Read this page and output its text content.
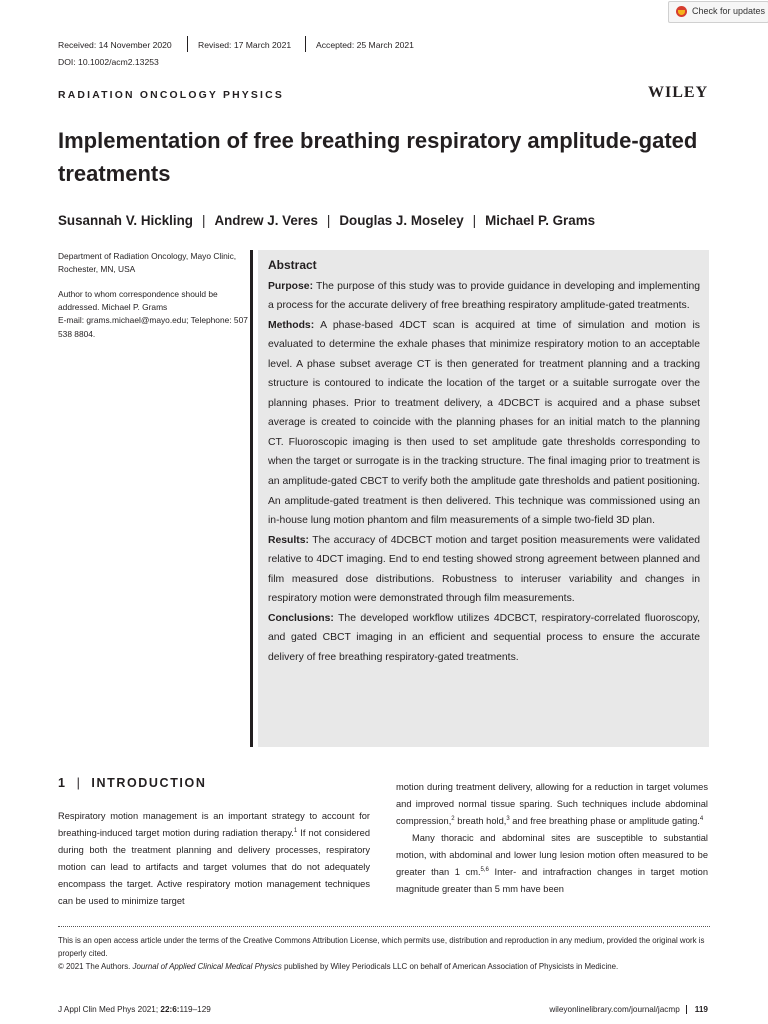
Check for updates
Received: 14 November 2020	Revised: 17 March 2021	Accepted: 25 March 2021
DOI: 10.1002/acm2.13253
RADIATION ONCOLOGY PHYSICS	WILEY
Implementation of free breathing respiratory amplitude-gated treatments
Susannah V. Hickling | Andrew J. Veres | Douglas J. Moseley | Michael P. Grams
Department of Radiation Oncology, Mayo Clinic, Rochester, MN, USA
Author to whom correspondence should be addressed. Michael P. Grams
E-mail: grams.michael@mayo.edu; Telephone: 507 538 8804.
Abstract

Purpose: The purpose of this study was to provide guidance in developing and implementing a process for the accurate delivery of free breathing respiratory amplitude-gated treatments.

Methods: A phase-based 4DCT scan is acquired at time of simulation and motion is evaluated to determine the exhale phases that minimize respiratory motion to an acceptable level. A phase subset average CT is then generated for treatment planning and a tracking structure is contoured to indicate the location of the target or a suitable surrogate over the planning phases. Prior to treatment delivery, a 4DCBCT is acquired and a phase subset average is created to coincide with the planning phases for an initial match to the planning CT. Fluoroscopic imaging is then used to set amplitude gate thresholds corresponding to when the target or surrogate is in the tracking structure. The final imaging prior to treatment is an amplitude-gated CBCT to verify both the amplitude gate thresholds and patient positioning. An amplitude-gated treatment is then delivered. This technique was commissioned using an in-house lung motion phantom and film measurements of a simple two-field 3D plan.

Results: The accuracy of 4DCBCT motion and target position measurements were validated relative to 4DCT imaging. End to end testing showed strong agreement between planned and film measured dose distributions. Robustness to interuser variability and changes in respiratory motion were demonstrated through film measurements.

Conclusions: The developed workflow utilizes 4DCBCT, respiratory-correlated fluoroscopy, and gated CBCT imaging in an efficient and sequential process to ensure the accurate delivery of free breathing respiratory-gated treatments.

1 | INTRODUCTION

Respiratory motion management is an important strategy to account for breathing-induced target motion during radiation therapy.$^1$ If not considered during both the treatment planning and delivery processes, respiratory motion can lead to artifacts and target volumes that do not adequately encompass the target. Active respiratory motion management techniques can be used to minimize target

motion during treatment delivery, allowing for a reduction in target volumes and improved normal tissue sparing. Such techniques include abdominal compression,$^2$ breath hold,$^3$ and free breathing phase or amplitude gating.$^4$

Many thoracic and abdominal sites are susceptible to substantial motion, with abdominal and lower lung lesion motion often measured to be greater than 1 cm.$^{5,6}$ Inter- and intrafraction changes in target motion magnitude greater than 5 mm have been

This is an open access article under the terms of the Creative Commons Attribution License, which permits use, distribution and reproduction in any medium, provided the original work is properly cited.
© 2021 The Authors. Journal of Applied Clinical Medical Physics published by Wiley Periodicals LLC on behalf of American Association of Physicists in Medicine.
J Appl Clin Med Phys 2021; 22:6:119–129	wileyonlinelibrary.com/journal/jacmp 119
